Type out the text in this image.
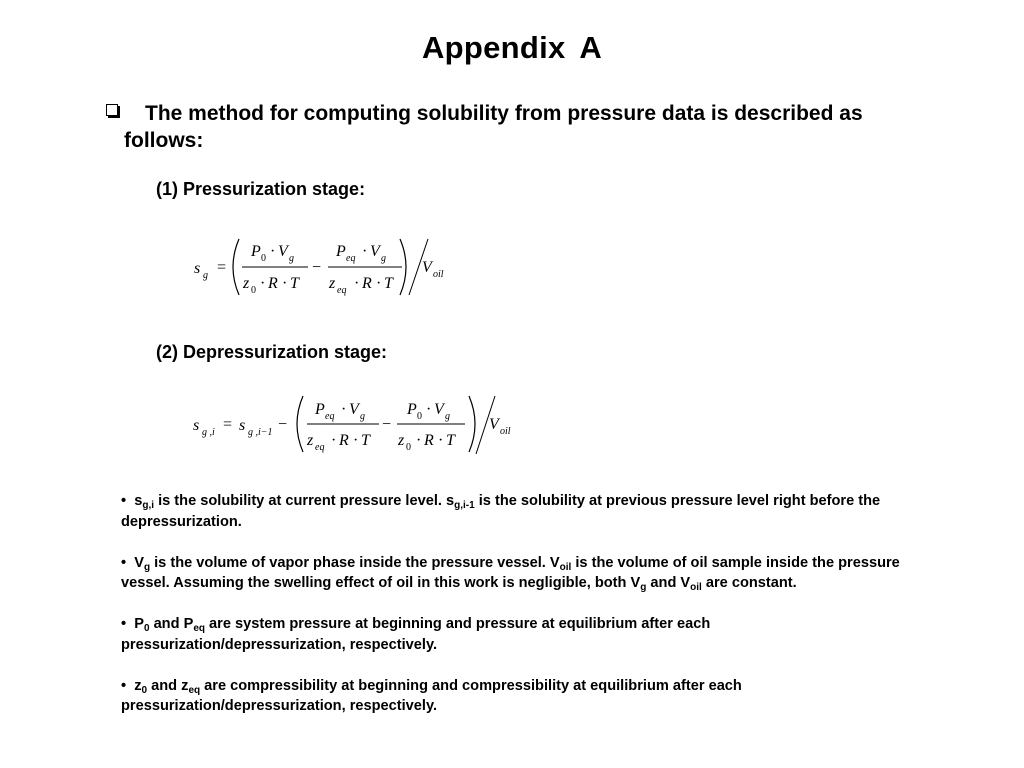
Appendix A
The method for computing solubility from pressure data is described as follows:
(1) Pressurization stage:
s g =
P 0 · V g
z 0 · R · T
−
P eq · V g
z eq · R · T
V oil
(2) Depressurization stage:
s g ,i = s g ,i−1 −
P eq · V g
z eq · R · T
−
P 0 · V g
z 0 · R · T
V oil

• $s_{g,i}$ is the solubility at current pressure level. $s_{g,i-1}$ is the solubility at previous pressure level right before the depressurization.

• $V_g$ is the volume of vapor phase inside the pressure vessel. $V_{oil}$ is the volume of oil sample inside the pressure vessel. Assuming the swelling effect of oil in this work is negligible, both $V_g$ and $V_{oil}$ are constant.

• $P_0$ and $P_{eq}$ are system pressure at beginning and pressure at equilibrium after each pressurization/depressurization, respectively.

• $z_0$ and $z_{eq}$ are compressibility at beginning and compressibility at equilibrium after each pressurization/depressurization, respectively.
